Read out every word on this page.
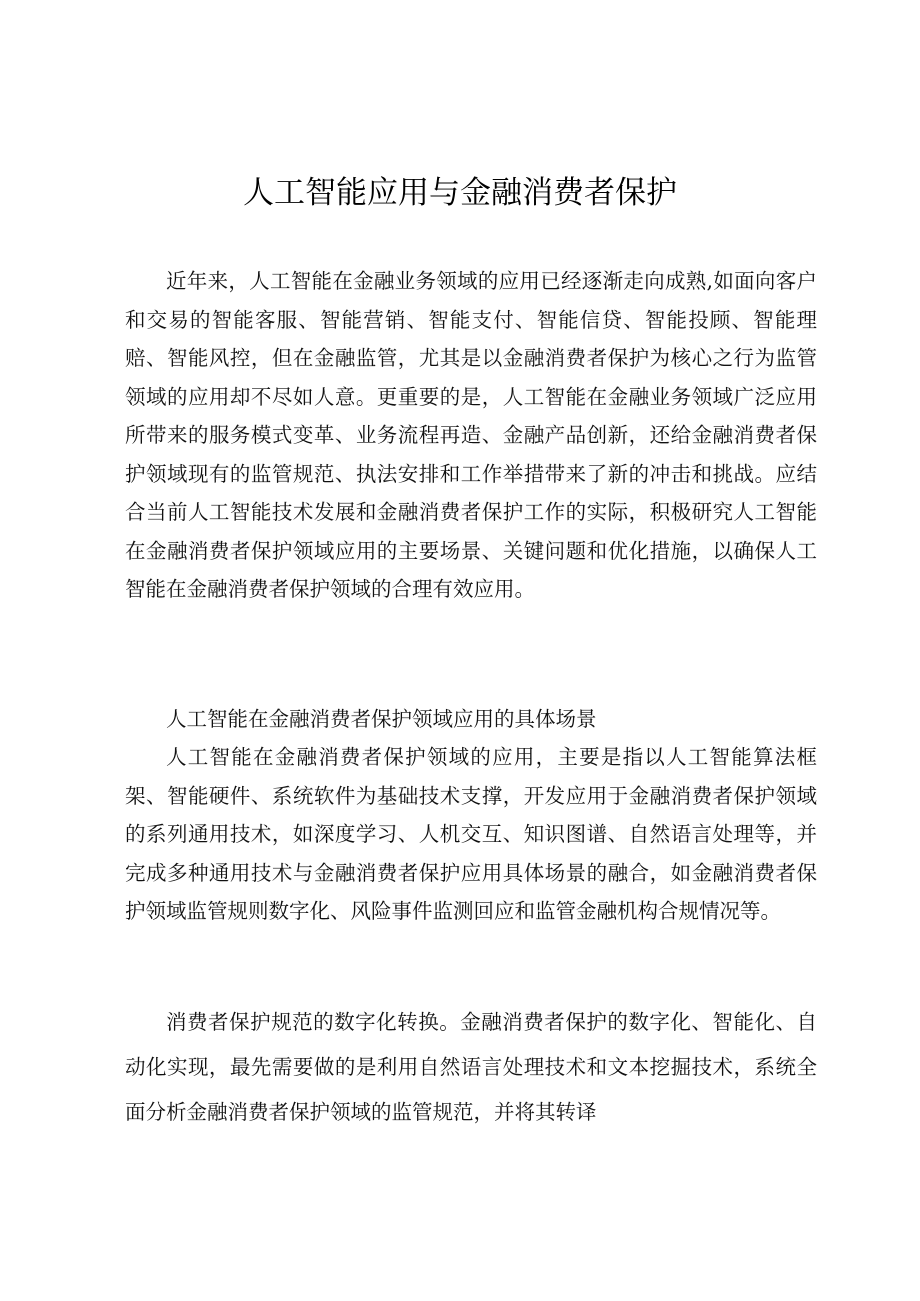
人工智能应用与金融消费者保护

近年来，人工智能在金融业务领域的应用已经逐渐走向成熟,如面向客户和交易的智能客服、智能营销、智能支付、智能信贷、智能投顾、智能理赔、智能风控，但在金融监管，尤其是以金融消费者保护为核心之行为监管领域的应用却不尽如人意。更重要的是，人工智能在金融业务领域广泛应用所带来的服务模式变革、业务流程再造、金融产品创新，还给金融消费者保护领域现有的监管规范、执法安排和工作举措带来了新的冲击和挑战。应结合当前人工智能技术发展和金融消费者保护工作的实际，积极研究人工智能在金融消费者保护领域应用的主要场景、关键问题和优化措施，以确保人工智能在金融消费者保护领域的合理有效应用。

人工智能在金融消费者保护领域应用的具体场景

人工智能在金融消费者保护领域的应用，主要是指以人工智能算法框架、智能硬件、系统软件为基础技术支撑，开发应用于金融消费者保护领域的系列通用技术，如深度学习、人机交互、知识图谱、自然语言处理等，并完成多种通用技术与金融消费者保护应用具体场景的融合，如金融消费者保护领域监管规则数字化、风险事件监测回应和监管金融机构合规情况等。

消费者保护规范的数字化转换。金融消费者保护的数字化、智能化、自动化实现，最先需要做的是利用自然语言处理技术和文本挖掘技术，系统全面分析金融消费者保护领域的监管规范，并将其转译
